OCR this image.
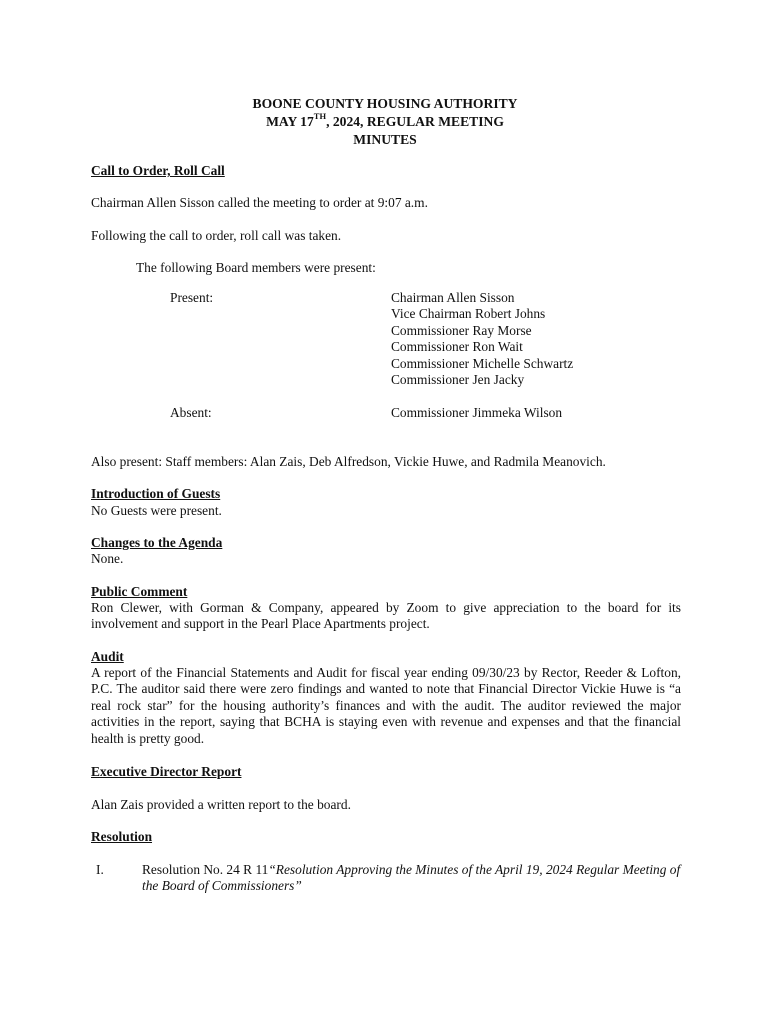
BOONE COUNTY HOUSING AUTHORITY
MAY 17TH, 2024, REGULAR MEETING
MINUTES
Call to Order, Roll Call
Chairman Allen Sisson called the meeting to order at 9:07 a.m.
Following the call to order, roll call was taken.
The following Board members were present:
Present:	Chairman Allen Sisson
Vice Chairman Robert Johns
Commissioner Ray Morse
Commissioner Ron Wait
Commissioner Michelle Schwartz
Commissioner Jen Jacky
Absent:	Commissioner Jimmeka Wilson
Also present: Staff members: Alan Zais, Deb Alfredson, Vickie Huwe, and Radmila Meanovich.
Introduction of Guests
No Guests were present.
Changes to the Agenda
None.
Public Comment
Ron Clewer, with Gorman & Company, appeared by Zoom to give appreciation to the board for its involvement and support in the Pearl Place Apartments project.
Audit
A report of the Financial Statements and Audit for fiscal year ending 09/30/23 by Rector, Reeder & Lofton, P.C. The auditor said there were zero findings and wanted to note that Financial Director Vickie Huwe is “a real rock star” for the housing authority’s finances and with the audit. The auditor reviewed the major activities in the report, saying that BCHA is staying even with revenue and expenses and that the financial health is pretty good.
Executive Director Report
Alan Zais provided a written report to the board.
Resolution
I.	Resolution No. 24 R 11“Resolution Approving the Minutes of the April 19, 2024 Regular Meeting of the Board of Commissioners”
